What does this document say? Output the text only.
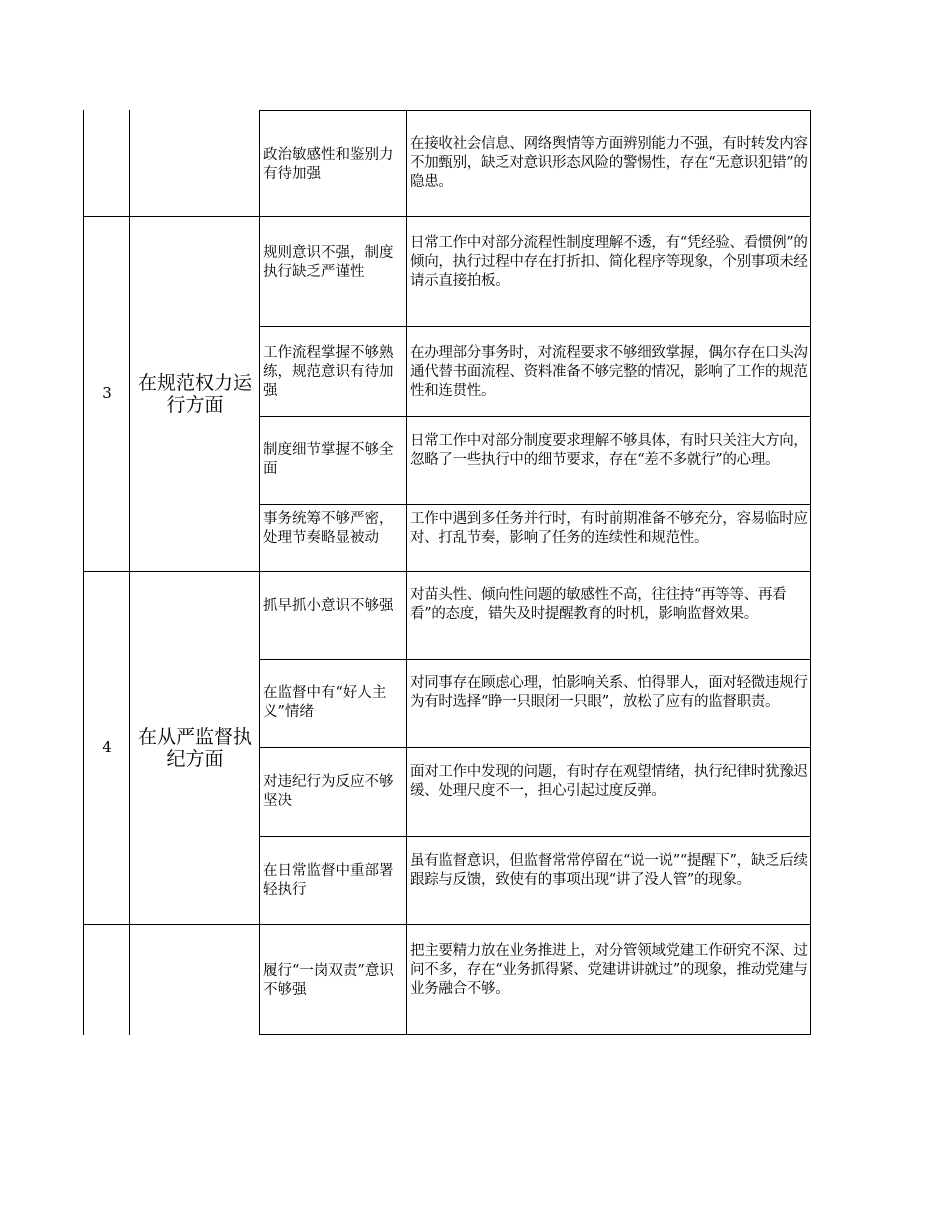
政治敏感性和鉴别力有待加强
在接收社会信息、网络舆情等方面辨别能力不强，有时转发内容不加甄别，缺乏对意识形态风险的警惕性，存在“无意识犯错”的隐患。
3	在规范权力运行方面
规则意识不强，制度执行缺乏严谨性
日常工作中对部分流程性制度理解不透，有“凭经验、看惯例”的倾向，执行过程中存在打折扣、简化程序等现象，个别事项未经请示直接拍板。
工作流程掌握不够熟练，规范意识有待加强
在办理部分事务时，对流程要求不够细致掌握，偶尔存在口头沟通代替书面流程、资料准备不够完整的情况，影响了工作的规范性和连贯性。
制度细节掌握不够全面
日常工作中对部分制度要求理解不够具体，有时只关注大方向，忽略了一些执行中的细节要求，存在“差不多就行”的心理。
事务统筹不够严密，处理节奏略显被动
工作中遇到多任务并行时，有时前期准备不够充分，容易临时应对、打乱节奏，影响了任务的连续性和规范性。
4	在从严监督执纪方面
抓早抓小意识不够强
对苗头性、倾向性问题的敏感性不高，往往持“再等等、再看看”的态度，错失及时提醒教育的时机，影响监督效果。
在监督中有“好人主义”情绪
对同事存在顾虑心理，怕影响关系、怕得罪人，面对轻微违规行为有时选择“睁一只眼闭一只眼”，放松了应有的监督职责。
对违纪行为反应不够坚决
面对工作中发现的问题，有时存在观望情绪，执行纪律时犹豫迟缓、处理尺度不一，担心引起过度反弹。
在日常监督中重部署轻执行
虽有监督意识，但监督常常停留在“说一说”“提醒下”，缺乏后续跟踪与反馈，致使有的事项出现“讲了没人管”的现象。
履行“一岗双责”意识不够强
把主要精力放在业务推进上，对分管领域党建工作研究不深、过问不多，存在“业务抓得紧、党建讲讲就过”的现象，推动党建与业务融合不够。
